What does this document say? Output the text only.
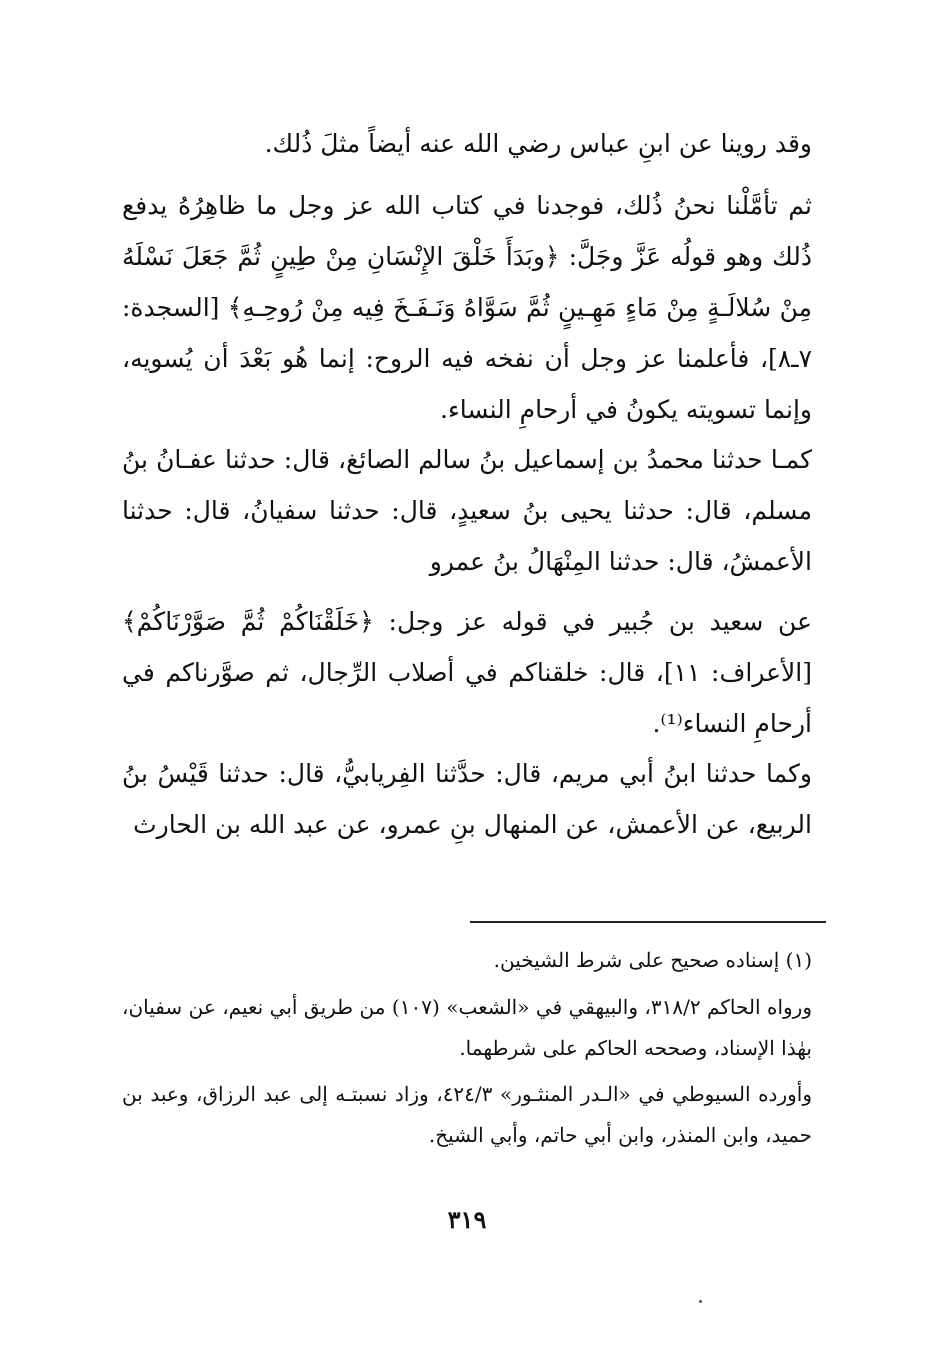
وقد روينا عن ابنِ عباس رضي الله عنه أيضاً مثلَ ذُلك.

ثم تأمَّلْنا نحنُ ذُلك، فوجدنا في كتاب الله عز وجل ما ظاهِرُهُ يدفع ذُلك وهو قولُه عَزَّ وجَلَّ: ﴿وبَدَأَ خَلْقَ الإِنْسَانِ مِنْ طِينٍ ثُمَّ جَعَلَ نَسْلَهُ مِنْ سُلالَـةٍ مِنْ مَاءٍ مَهِـينٍ ثُمَّ سَوَّاهُ وَنَـفَـخَ فِيه مِنْ رُوحِـهِ﴾ [السجدة: ٧ـ٨]، فأعلمنا عز وجل أن نفخه فيه الروح: إنما هُو بَعْدَ أن يُسويه، وإنما تسويته يكونُ في أرحامِ النساء.

كمـا حدثنا محمدُ بن إسماعيل بنُ سالم الصائغ، قال: حدثنا عفـانُ بنُ مسلم، قال: حدثنا يحيى بنُ سعيدٍ، قال: حدثنا سفيانُ، قال: حدثنا الأعمشُ، قال: حدثنا المِنْهَالُ بنُ عمرو

عن سعيد بن جُبير في قوله عز وجل: ﴿خَلَقْنَاكُمْ ثُمَّ صَوَّرْنَاكُمْ﴾ [الأعراف: ١١]، قال: خلقناكم في أصلاب الرِّجال، ثم صوَّرناكم في أرحامِ النساء⁽¹⁾.

وكما حدثنا ابنُ أبي مريم، قال: حدَّثنا الفِريابيُّ، قال: حدثنا قَيْسُ بنُ الربيع، عن الأعمش، عن المنهال بنِ عمرو، عن عبد الله بن الحارث

(١) إسناده صحيح على شرط الشيخين.

ورواه الحاكم ٣١٨/٢، والبيهقي في «الشعب» (١٠٧) من طريق أبي نعيم، عن سفيان، بهٰذا الإسناد، وصححه الحاكم على شرطهما.

وأورده السيوطي في «الـدر المنثـور» ٤٢٤/٣، وزاد نسبتـه إلى عبد الرزاق، وعبد بن حميد، وابن المنذر، وابن أبي حاتم، وأبي الشيخ.

٣١٩
